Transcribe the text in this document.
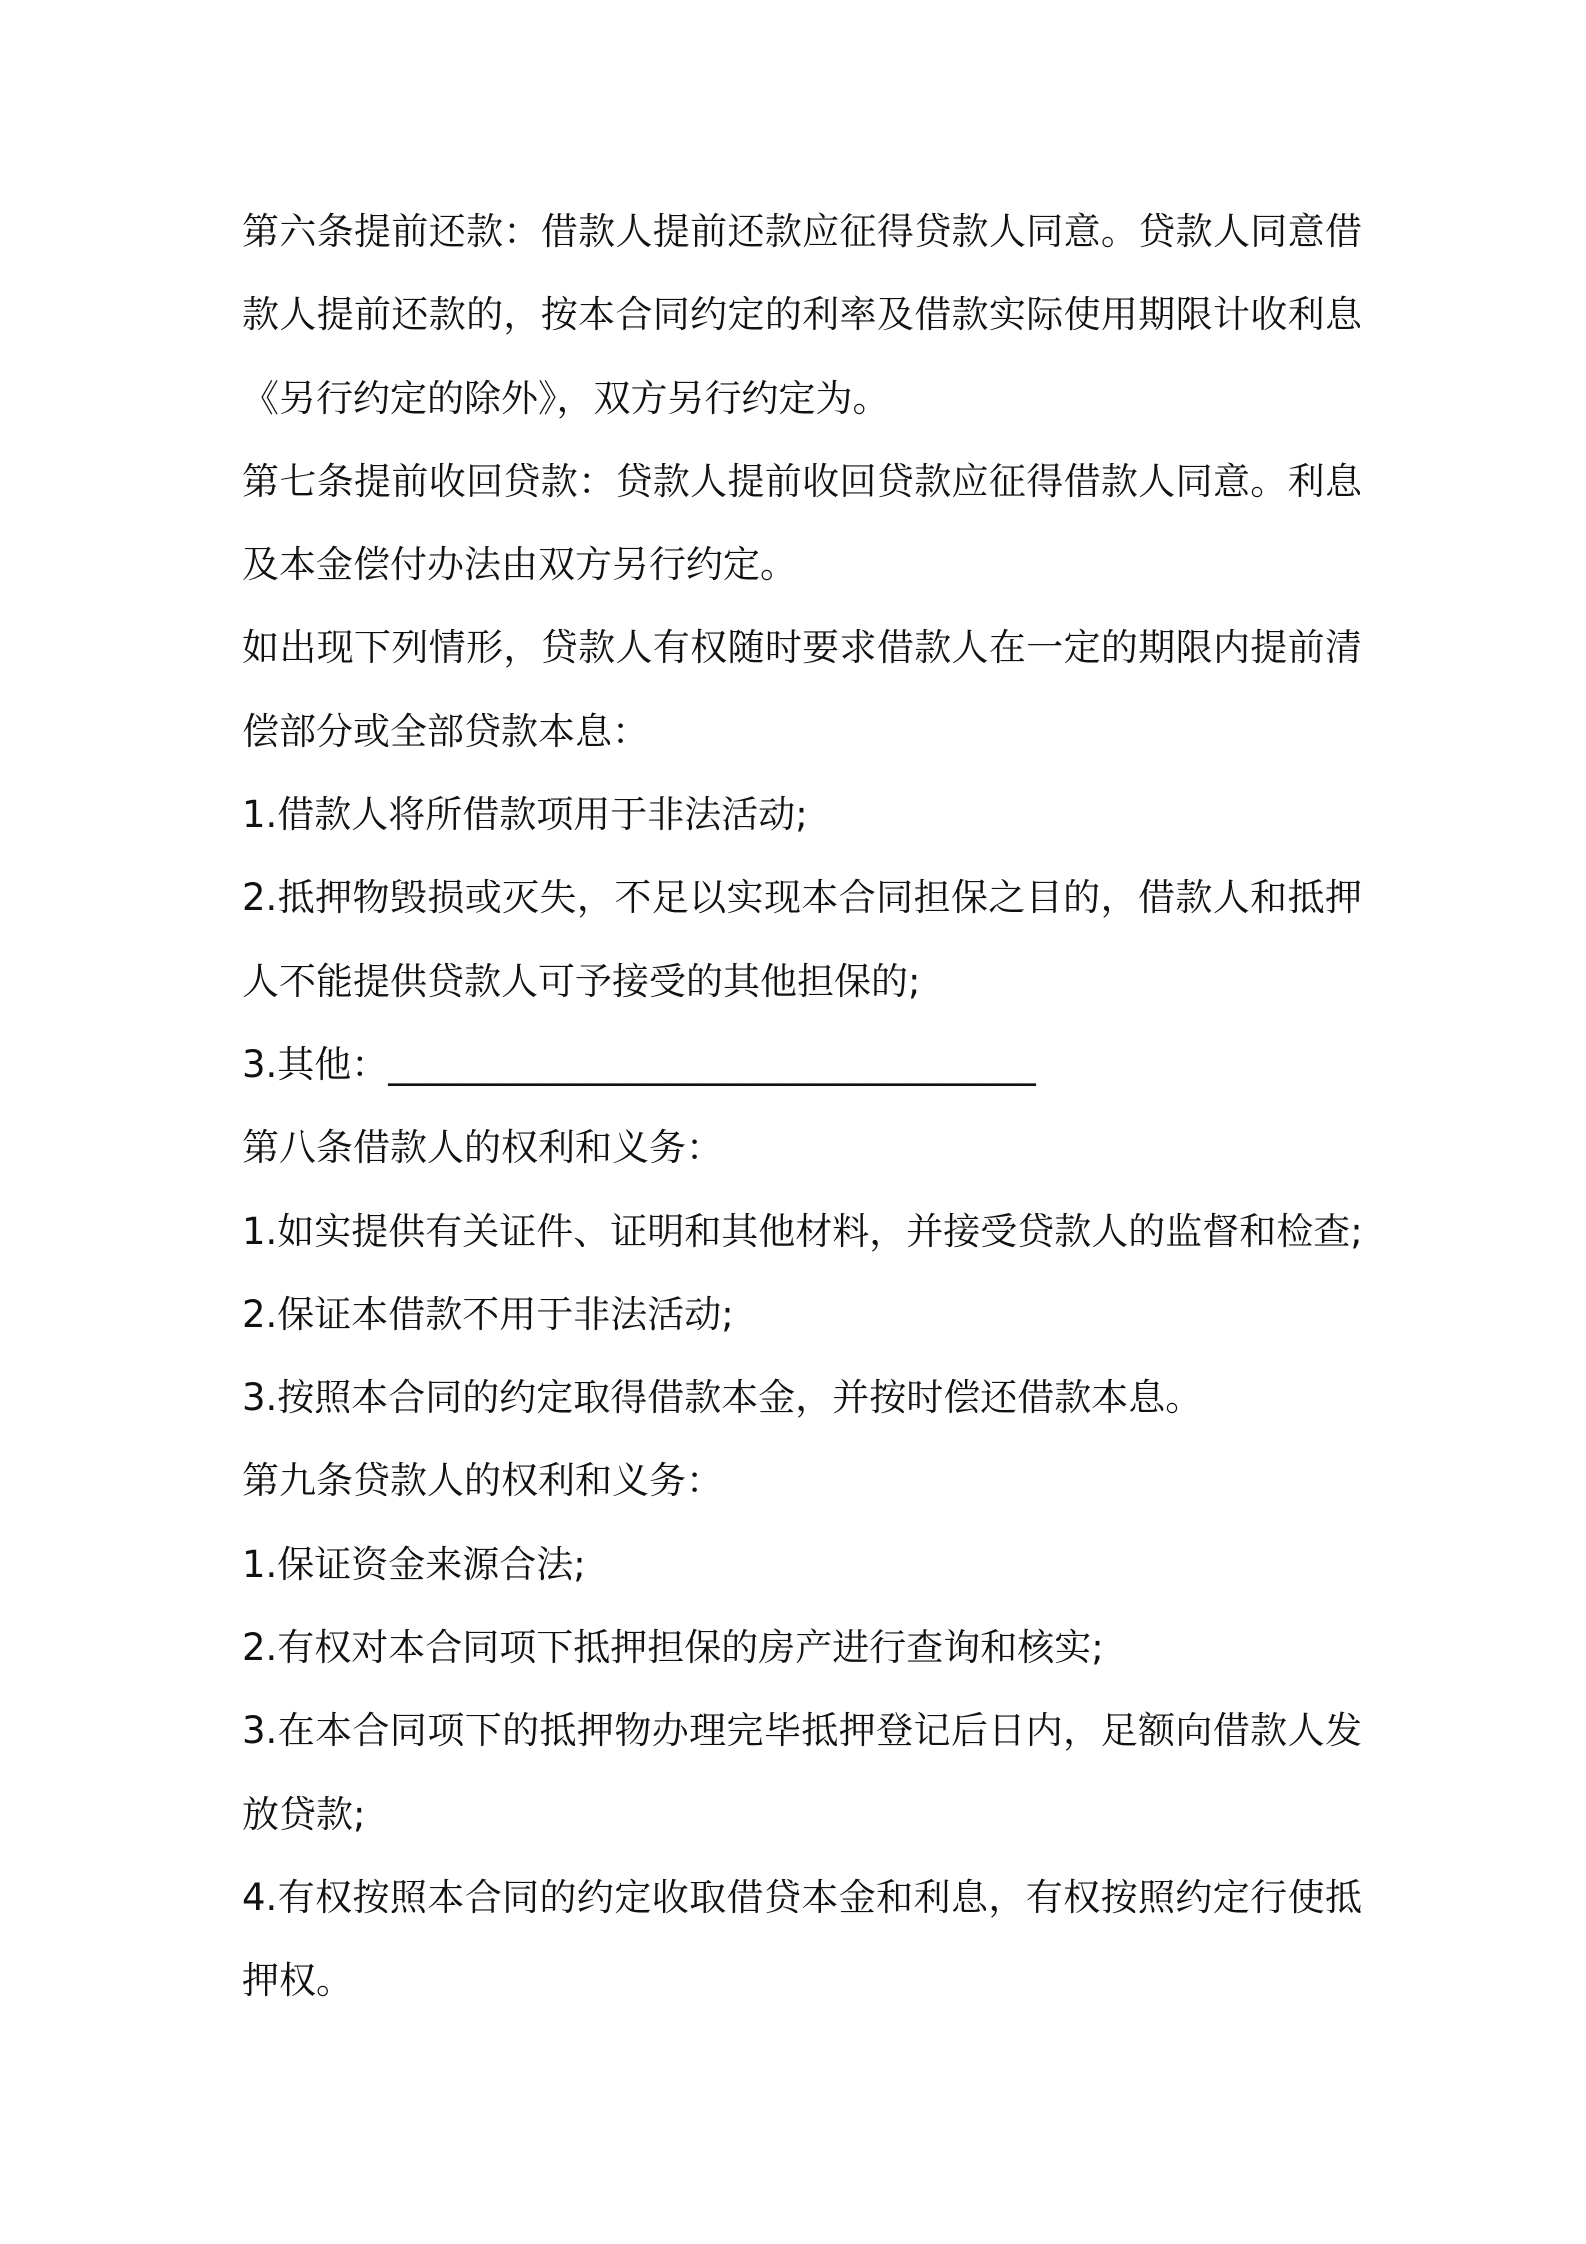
第六条提前还款：借款人提前还款应征得贷款人同意。贷款人同意借
款人提前还款的，按本合同约定的利率及借款实际使用期限计收利息
《另行约定的除外》，双方另行约定为。
第七条提前收回贷款：贷款人提前收回贷款应征得借款人同意。利息
及本金偿付办法由双方另行约定。
如出现下列情形，贷款人有权随时要求借款人在一定的期限内提前清
偿部分或全部贷款本息：
1.借款人将所借款项用于非法活动;
2.抵押物毁损或灭失，不足以实现本合同担保之目的，借款人和抵押
人不能提供贷款人可予接受的其他担保的;
3.其他：___________________________________
第八条借款人的权利和义务：
1.如实提供有关证件、证明和其他材料，并接受贷款人的监督和检查;
2.保证本借款不用于非法活动;
3.按照本合同的约定取得借款本金，并按时偿还借款本息。
第九条贷款人的权利和义务：
1.保证资金来源合法;
2.有权对本合同项下抵押担保的房产进行查询和核实;
3.在本合同项下的抵押物办理完毕抵押登记后日内，足额向借款人发
放贷款;
4.有权按照本合同的约定收取借贷本金和利息，有权按照约定行使抵
押权。
